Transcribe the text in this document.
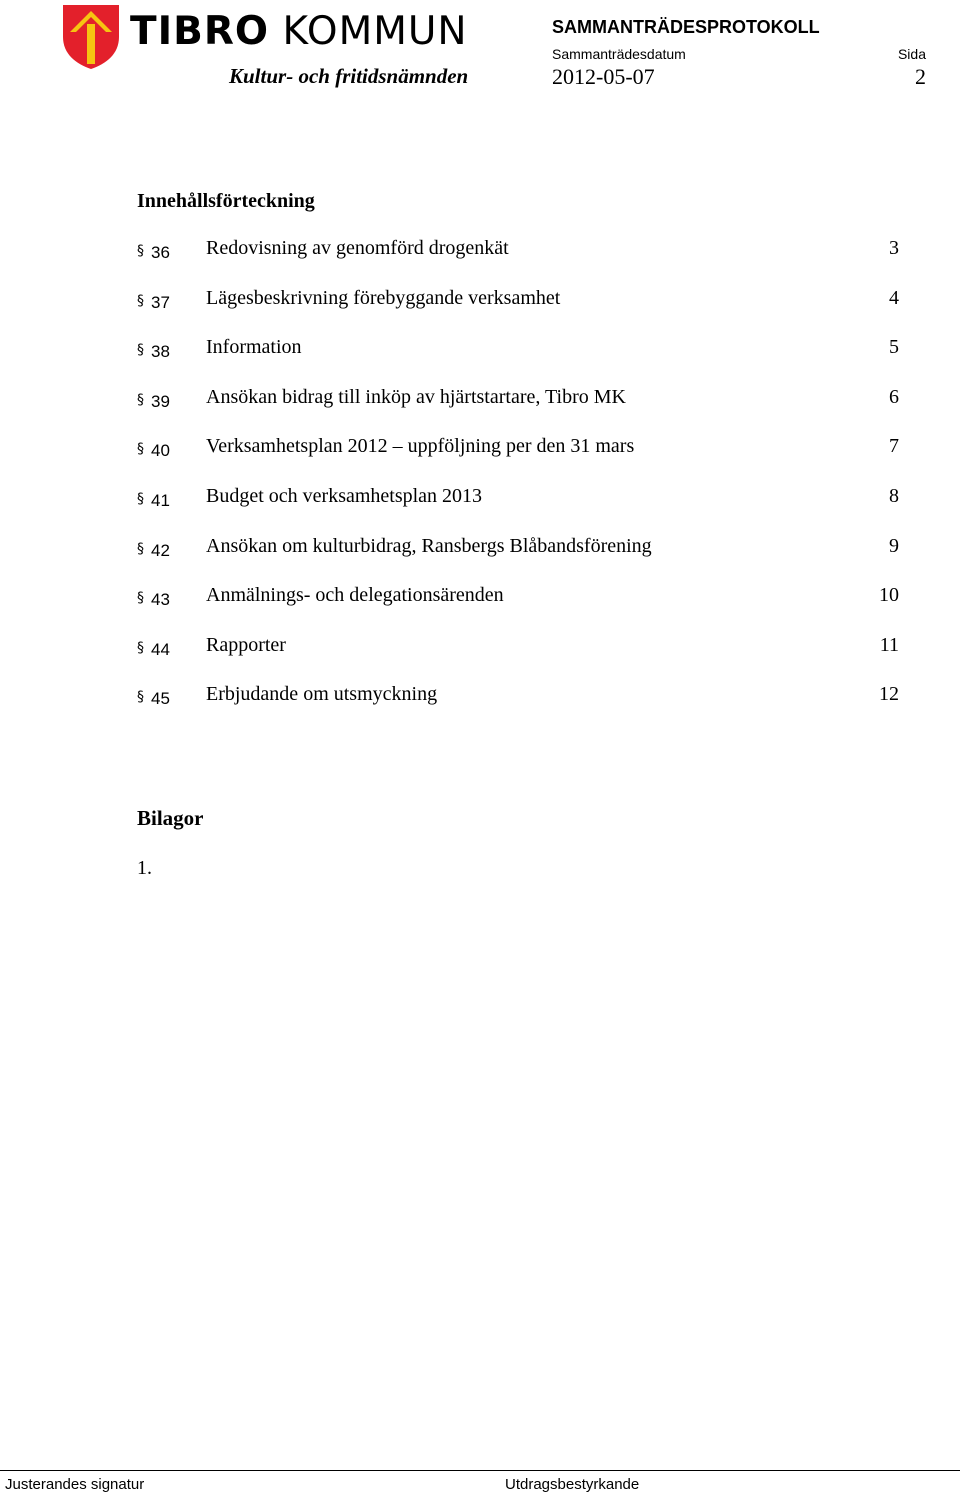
TIBRO KOMMUN
Kultur- och fritidsnämnden
SAMMANTRÄDESPROTOKOLL
Sammanträdesdatum	Sida
2012-05-07	2
Innehållsförteckning
§ 36 Redovisning av genomförd drogenkät	3
§ 37 Lägesbeskrivning förebyggande verksamhet	4
§ 38 Information	5
§ 39 Ansökan bidrag till inköp av hjärtstartare, Tibro MK	6
§ 40 Verksamhetsplan 2012 – uppföljning per den 31 mars	7
§ 41 Budget och verksamhetsplan 2013	8
§ 42 Ansökan om kulturbidrag, Ransbergs Blåbandsförening	9
§ 43 Anmälnings- och delegationsärenden	10
§ 44 Rapporter	11
§ 45 Erbjudande om utsmyckning	12
Bilagor
1.
Justerandes signatur	Utdragsbestyrkande
